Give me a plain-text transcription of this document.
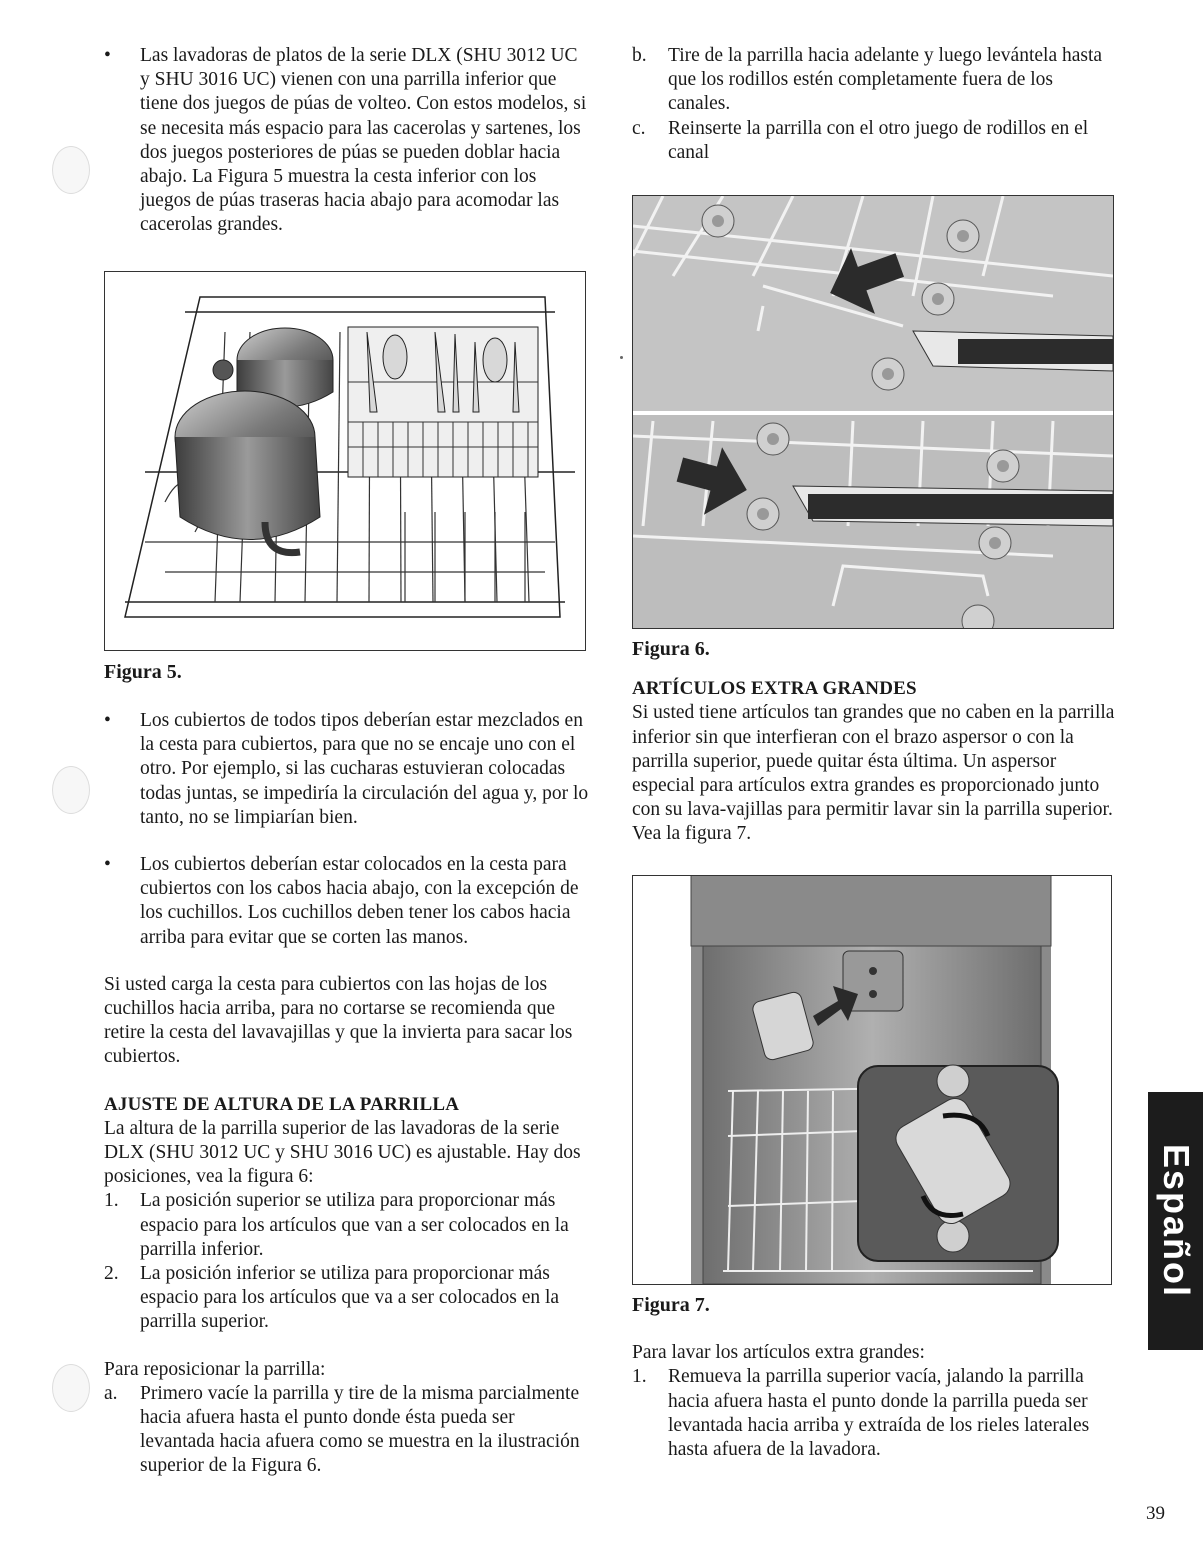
•	Las lavadoras de platos de la serie DLX (SHU 3012 UC y SHU 3016 UC) vienen con una parrilla inferior que tiene dos juegos de púas de volteo. Con estos modelos, si se necesita más espacio para las cacerolas y sartenes, los dos juegos posteriores de púas se pueden doblar hacia abajo. La Figura 5 muestra la cesta inferior con los juegos de púas traseras hacia abajo para acomodar las cacerolas grandes.

Figura 5.

•	Los cubiertos de todos tipos deberían estar mezclados en la cesta para cubiertos, para que no se encaje uno con el otro. Por ejemplo, si las cucharas estuvieran colocadas todas juntas, se impediría la circulación del agua y, por lo tanto, no se limpiarían bien.

•	Los cubiertos deberían estar colocados en la cesta para cubiertos con los cabos hacia abajo, con la excepción de los cuchillos. Los cuchillos deben tener los cabos hacia arriba para evitar que se corten las manos.

Si usted carga la cesta para cubiertos con las hojas de los cuchillos hacia arriba, para no cortarse se recomienda que retire la cesta del lavavajillas y que la invierta para sacar los cubiertos.

AJUSTE DE ALTURA DE LA PARRILLA

La altura de la parrilla superior de las lavadoras de la serie DLX (SHU 3012 UC y SHU 3016 UC) es ajustable. Hay dos posiciones, vea la figura 6:

1. La posición superior se utiliza para proporcionar más espacio para los artículos que van a ser colocados en la parrilla inferior.

2. La posición inferior se utiliza para proporcionar más espacio para los artículos que va a ser colocados en la parrilla superior.

Para reposicionar la parrilla:

a. Primero vacíe la parrilla y tire de la misma parcialmente hacia afuera hasta el punto donde ésta pueda ser levantada hacia afuera como se muestra en la ilustración superior de la Figura 6.

b. Tire de la parrilla hacia adelante y luego levántela hasta que los rodillos estén completamente fuera de los canales.

c. Reinserte la parrilla con el otro juego de rodillos en el canal

Figura 6.

ARTÍCULOS EXTRA GRANDES

Si usted tiene artículos tan grandes que no caben en la parrilla inferior sin que interfieran con el brazo aspersor o con la parrilla superior, puede quitar ésta última. Un aspersor especial para artículos extra grandes es proporcionado junto con su lava-vajillas para permitir lavar sin la parrilla superior. Vea la figura 7.

Figura 7.

Para lavar los artículos extra grandes:

1. Remueva la parrilla superior vacía, jalando la parrilla hacia afuera hasta el punto donde la parrilla pueda ser levantada hacia arriba y extraída de los rieles laterales hasta afuera de la lavadora.

Español
39
